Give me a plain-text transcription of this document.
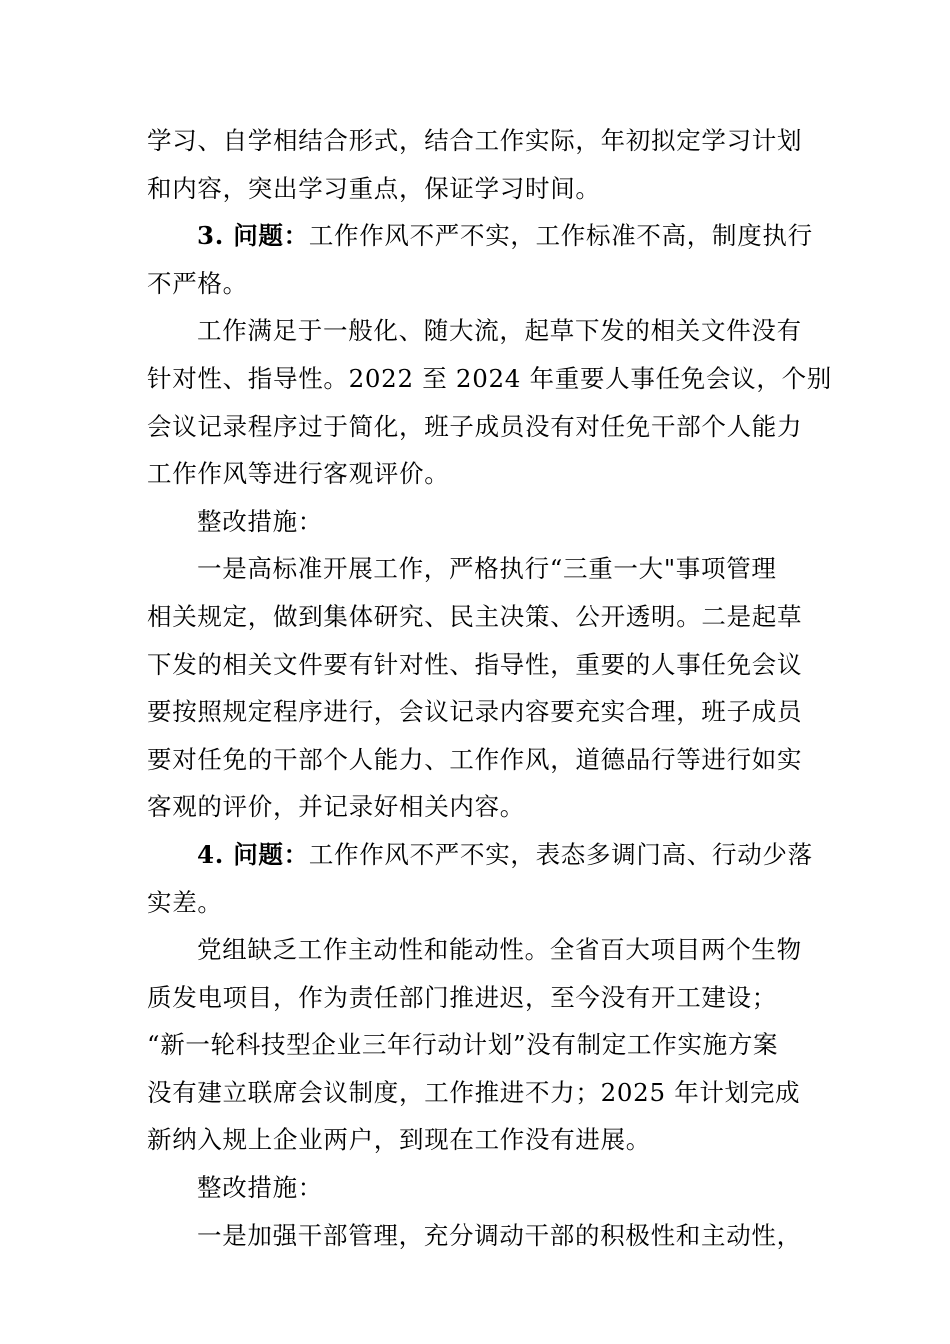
学习、自学相结合形式，结合工作实际，年初拟定学习计划
和内容，突出学习重点，保证学习时间。
3. 问题：工作作风不严不实，工作标准不高，制度执行
不严格。
工作满足于一般化、随大流，起草下发的相关文件没有
针对性、指导性。2022 至 2024 年重要人事任免会议，个别
会议记录程序过于简化，班子成员没有对任免干部个人能力
工作作风等进行客观评价。
整改措施：
一是高标准开展工作，严格执行“三重一大"事项管理
相关规定，做到集体研究、民主决策、公开透明。二是起草
下发的相关文件要有针对性、指导性，重要的人事任免会议
要按照规定程序进行，会议记录内容要充实合理，班子成员
要对任免的干部个人能力、工作作风，道德品行等进行如实
客观的评价，并记录好相关内容。
4. 问题：工作作风不严不实，表态多调门高、行动少落
实差。
党组缺乏工作主动性和能动性。全省百大项目两个生物
质发电项目，作为责任部门推进迟，至今没有开工建设；
“新一轮科技型企业三年行动计划”没有制定工作实施方案
没有建立联席会议制度，工作推进不力；2025 年计划完成
新纳入规上企业两户，到现在工作没有进展。
整改措施：
一是加强干部管理，充分调动干部的积极性和主动性，
